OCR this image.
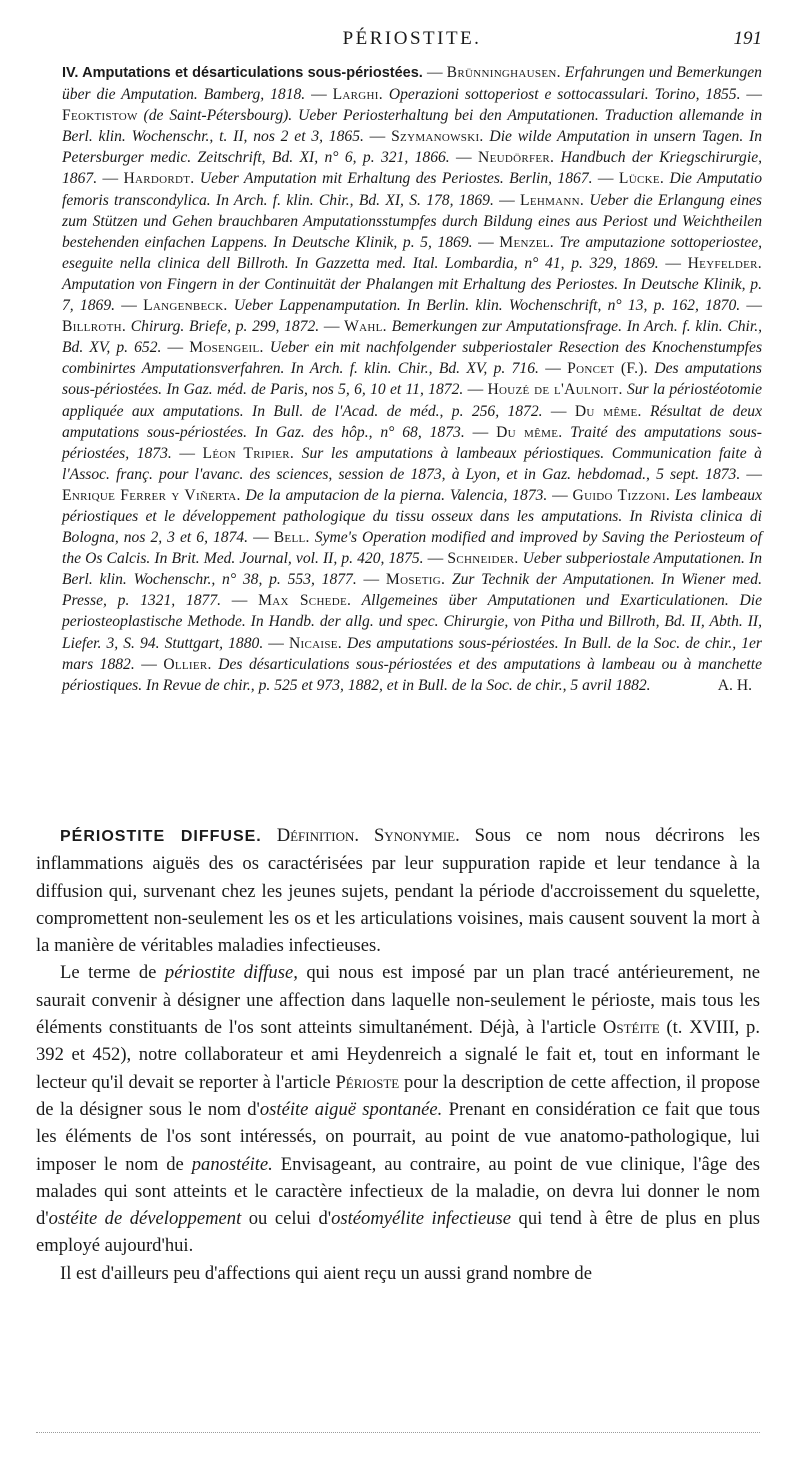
PÉRIOSTITE.	191
IV. Amputations et désarticulations sous-périostées. — Brünninghausen. Erfahrungen und Bemerkungen über die Amputation. Bamberg, 1818. — Larghi. Operazioni sottoperiost e sottocassulari. Torino, 1855. — Feoktistow (de Saint-Pétersbourg). Ueber Periosterhaltung bei den Amputationen. Traduction allemande in Berl. klin. Wochenschr., t. II, nos 2 et 3, 1865. — Szymanowski. Die wilde Amputation in unsern Tagen. In Petersburger medic. Zeitschrift, Bd. XI, n° 6, p. 321, 1866. — Neudörfer. Handbuch der Kriegschirurgie, 1867. — Hardordt. Ueber Amputation mit Erhaltung des Periostes. Berlin, 1867. — Lücke. Die Amputatio femoris transcondylica. In Arch. f. klin. Chir., Bd. XI, S. 178, 1869. — Lehmann. Ueber die Erlangung eines zum Stützen und Gehen brauchbaren Amputationsstumpfes durch Bildung eines aus Periost und Weichtheilen bestehenden einfachen Lappens. In Deutsche Klinik, p. 5, 1869. — Menzel. Tre amputazione sottoperiostee, eseguite nella clinica dell Billroth. In Gazzetta med. Ital. Lombardia, n° 41, p. 329, 1869. — Heyfelder. Amputation von Fingern in der Continuität der Phalangen mit Erhaltung des Periostes. In Deutsche Klinik, p. 7, 1869. — Langenbeck. Ueber Lappenamputation. In Berlin. klin. Wochenschrift, n° 13, p. 162, 1870. — Billroth. Chirurg. Briefe, p. 299, 1872. — Wahl. Bemerkungen zur Amputationsfrage. In Arch. f. klin. Chir., Bd. XV, p. 652. — Mosengeil. Ueber ein mit nachfolgender subperiostaler Resection des Knochenstumpfes combinirtes Amputationsverfahren. In Arch. f. klin. Chir., Bd. XV, p. 716. — Poncet (F.). Des amputations sous-périostées. In Gaz. méd. de Paris, nos 5, 6, 10 et 11, 1872. — Houzé de l'Aulnoit. Sur la périostéotomie appliquée aux amputations. In Bull. de l'Acad. de méd., p. 256, 1872. — Du même. Résultat de deux amputations sous-périostées. In Gaz. des hôp., n° 68, 1873. — Du même. Traité des amputations sous-périostées, 1873. — Léon Tripier. Sur les amputations à lambeaux périostiques. Communication faite à l'Assoc. franç. pour l'avanc. des sciences, session de 1873, à Lyon, et in Gaz. hebdomad., 5 sept. 1873. — Enrique Ferrer y Viñerta. De la amputacion de la pierna. Valencia, 1873. — Guido Tizzoni. Les lambeaux périostiques et le développement pathologique du tissu osseux dans les amputations. In Rivista clinica di Bologna, nos 2, 3 et 6, 1874. — Bell. Syme's Operation modified and improved by Saving the Periosteum of the Os Calcis. In Brit. Med. Journal, vol. II, p. 420, 1875. — Schneider. Ueber subperiostale Amputationen. In Berl. klin. Wochenschr., n° 38, p. 553, 1877. — Mosetig. Zur Technik der Amputationen. In Wiener med. Presse, p. 1321, 1877. — Max Schede. Allgemeines über Amputationen und Exarticulationen. Die periosteoplastische Methode. In Handb. der allg. und spec. Chirurgie, von Pitha und Billroth, Bd. II, Abth. II, Liefer. 3, S. 94. Stuttgart, 1880. — Nicaise. Des amputations sous-périostées. In Bull. de la Soc. de chir., 1er mars 1882. — Ollier. Des désarticulations sous-périostées et des amputations à lambeau ou à manchette périostiques. In Revue de chir., p. 525 et 973, 1882, et in Bull. de la Soc. de chir., 5 avril 1882.	A. H.

PÉRIOSTITE DIFFUSE. Définition. Synonymie. Sous ce nom nous décrirons les inflammations aiguës des os caractérisées par leur suppuration rapide et leur tendance à la diffusion qui, survenant chez les jeunes sujets, pendant la période d'accroissement du squelette, compromettent non-seulement les os et les articulations voisines, mais causent souvent la mort à la manière de véritables maladies infectieuses.

Le terme de périostite diffuse, qui nous est imposé par un plan tracé antérieurement, ne saurait convenir à désigner une affection dans laquelle non-seulement le périoste, mais tous les éléments constituants de l'os sont atteints simultanément. Déjà, à l'article Ostéite (t. XVIII, p. 392 et 452), notre collaborateur et ami Heydenreich a signalé le fait et, tout en informant le lecteur qu'il devait se reporter à l'article Périoste pour la description de cette affection, il propose de la désigner sous le nom d'ostéite aiguë spontanée. Prenant en considération ce fait que tous les éléments de l'os sont intéressés, on pourrait, au point de vue anatomo-pathologique, lui imposer le nom de panostéite. Envisageant, au contraire, au point de vue clinique, l'âge des malades qui sont atteints et le caractère infectieux de la maladie, on devra lui donner le nom d'ostéite de développement ou celui d'ostéomyélite infectieuse qui tend à être de plus en plus employé aujourd'hui.

Il est d'ailleurs peu d'affections qui aient reçu un aussi grand nombre de
